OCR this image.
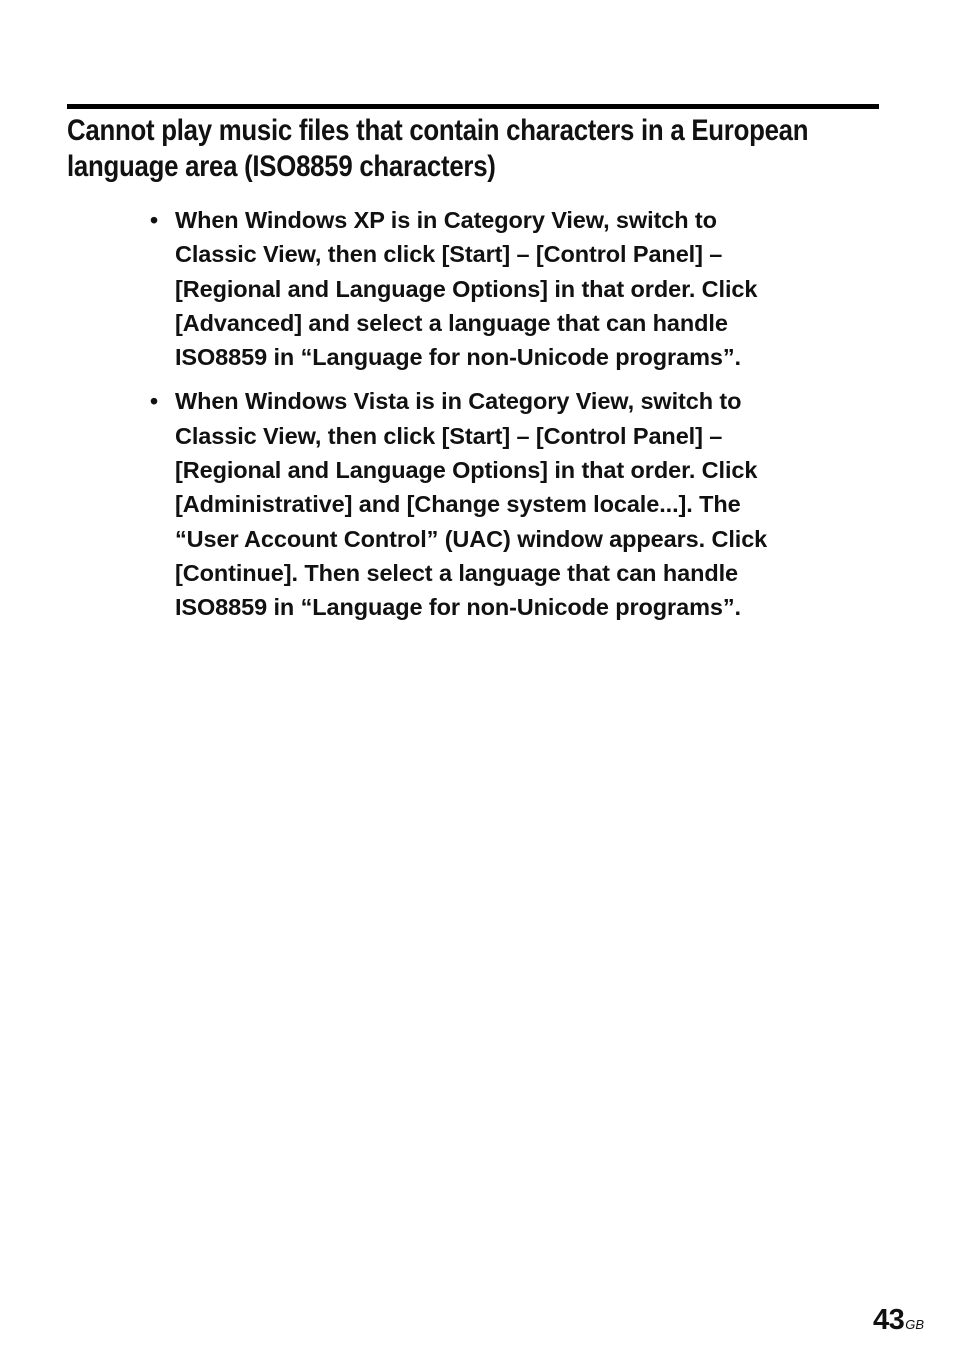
Cannot play music files that contain characters in a European
language area (ISO8859 characters)
• When Windows XP is in Category View, switch to
Classic View, then click [Start] – [Control Panel] –
[Regional and Language Options] in that order. Click
[Advanced] and select a language that can handle
ISO8859 in “Language for non-Unicode programs”.
• When Windows Vista is in Category View, switch to
Classic View, then click [Start] – [Control Panel] –
[Regional and Language Options] in that order. Click
[Administrative] and [Change system locale...]. The
“User Account Control” (UAC) window appears. Click
[Continue]. Then select a language that can handle
ISO8859 in “Language for non-Unicode programs”.
43GB
